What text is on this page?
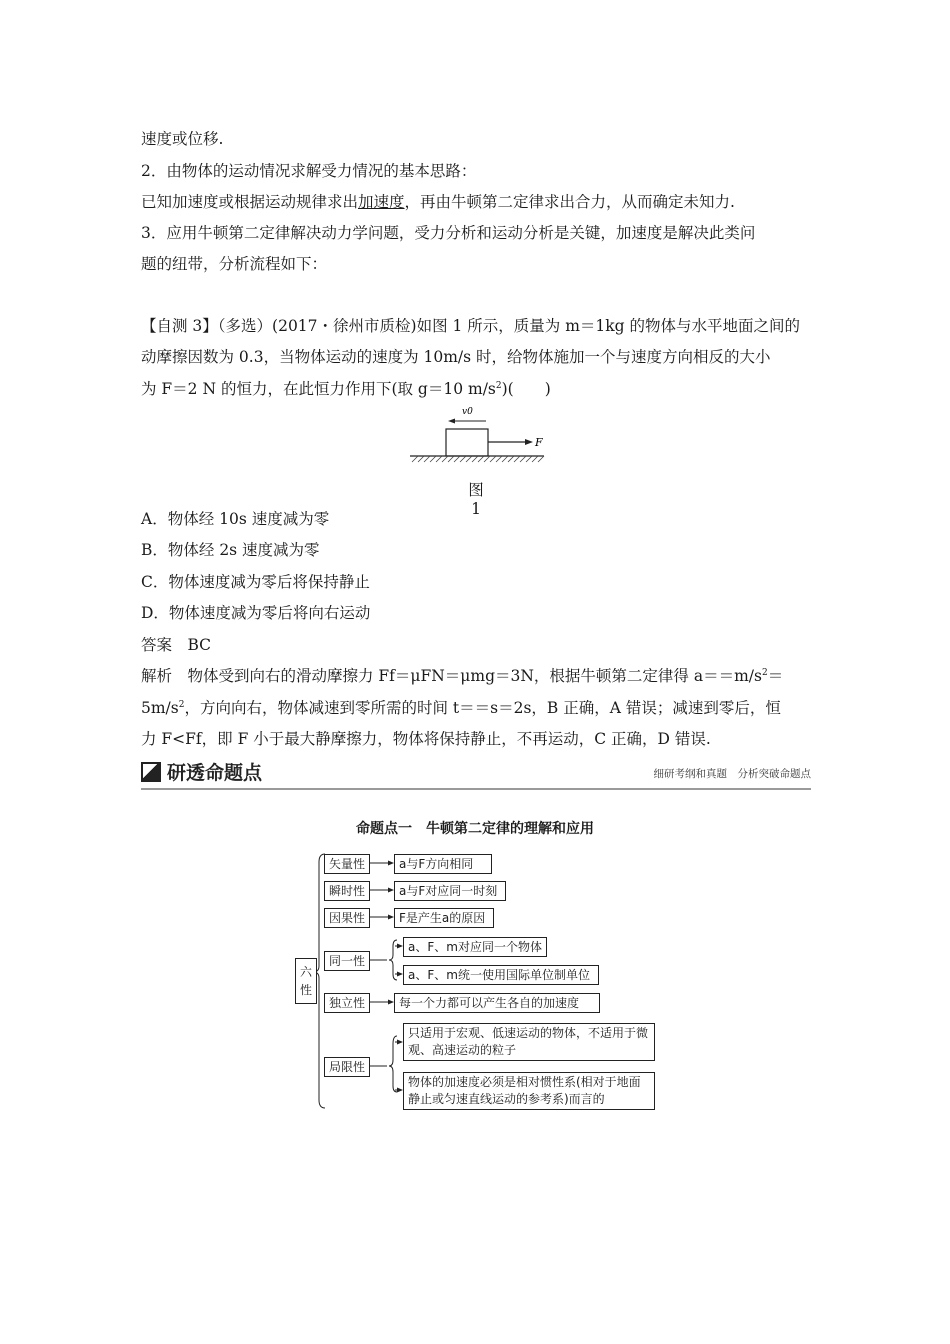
速度或位移.
2．由物体的运动情况求解受力情况的基本思路：
已知加速度或根据运动规律求出加速度，再由牛顿第二定律求出合力，从而确定未知力.
3．应用牛顿第二定律解决动力学问题，受力分析和运动分析是关键，加速度是解决此类问
题的纽带，分析流程如下：
【自测 3】（多选）(2017・徐州市质检)如图 1 所示，质量为 m＝1kg 的物体与水平地面之间的
动摩擦因数为 0.3，当物体运动的速度为 10m/s 时，给物体施加一个与速度方向相反的大小
为 F＝2 N 的恒力，在此恒力作用下(取 g＝10 $m/s^2$)(　　)
v0
F
图 1
A．物体经 10s 速度减为零
B．物体经 2s 速度减为零
C．物体速度减为零后将保持静止
D．物体速度减为零后将向右运动
答案　BC
解析　物体受到向右的滑动摩擦力 Ff＝μFN＝μmg＝3N，根据牛顿第二定律得 $a==m/s^2=$
$5m/s^2$，方向向右，物体减速到零所需的时间 t＝＝s＝2s，B 正确，A 错误；减速到零后，恒
力 F<Ff，即 F 小于最大静摩擦力，物体将保持静止，不再运动，C 正确，D 错误.
研透命题点	细研考纲和真题　分析突破命题点
命题点一　牛顿第二定律的理解和应用
六
性
矢量性	a与F方向相同
瞬时性	a与F对应同一时刻
因果性	F是产生a的原因
同一性
a、F、m对应同一个物体
a、F、m统一使用国际单位制单位
独立性	每一个力都可以产生各自的加速度
局限性
只适用于宏观、低速运动的物体，不适用于微观、高速运动的粒子
物体的加速度必须是相对惯性系(相对于地面静止或匀速直线运动的参考系)而言的
